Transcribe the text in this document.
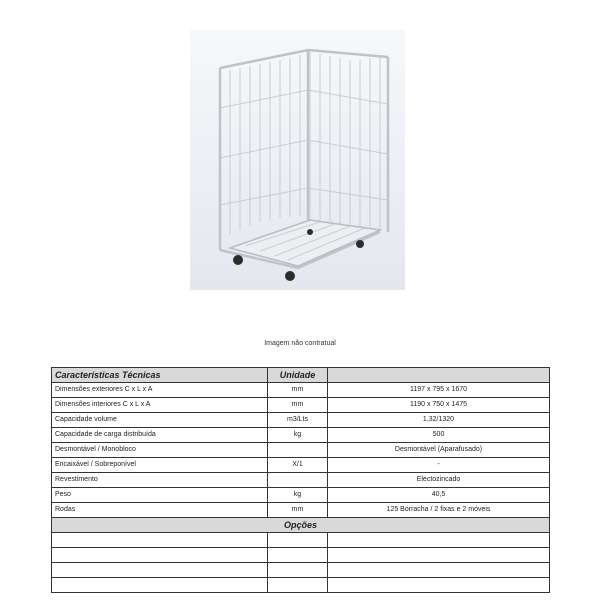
Imagem não contratual
Características Técnicas	Unidade	
Dimensões exteriores C x L x A	mm	1197 x 795 x 1670
Dimensões interiores C x L x A	mm	1190 x 750 x 1475
Capacidade volume	m3/Lts	1,32/1320
Capacidade de carga distribuída	kg	500
Desmontável / Monobloco		Desmontável (Aparafusado)
Encaixável / Sobreponível	X/1	-
Revestimento		Electozincado
Peso	kg	40,5
Rodas	mm	125 Borracha / 2 fixas e 2 móveis
Opções		
